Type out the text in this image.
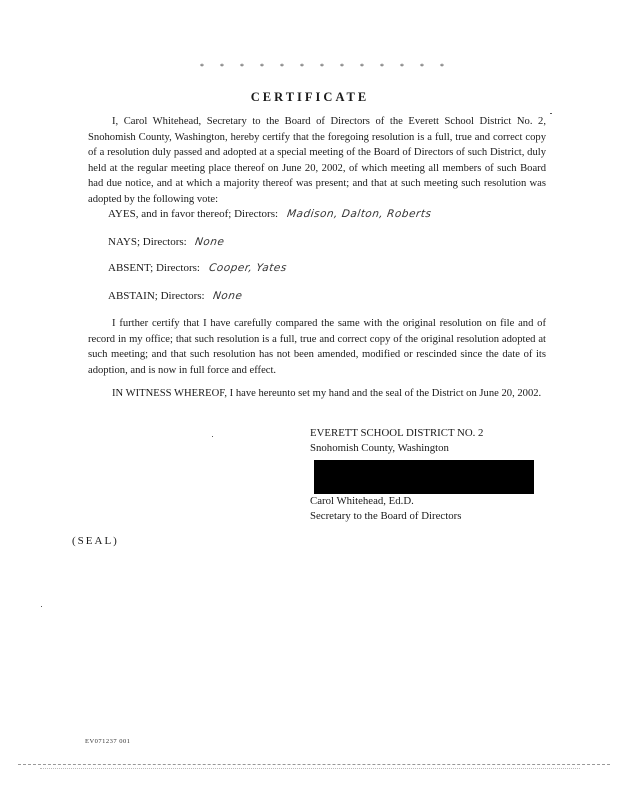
* * * * * * * * * * * * *
CERTIFICATE
I, Carol Whitehead, Secretary to the Board of Directors of the Everett School District No. 2, Snohomish County, Washington, hereby certify that the foregoing resolution is a full, true and correct copy of a resolution duly passed and adopted at a special meeting of the Board of Directors of such District, duly held at the regular meeting place thereof on June 20, 2002, of which meeting all members of such Board had due notice, and at which a majority thereof was present; and that at such meeting such resolution was adopted by the following vote:
AYES, and in favor thereof; Directors: Madison, Dalton, Roberts
NAYS; Directors: None
ABSENT; Directors: Cooper, Yates
ABSTAIN; Directors: None
I further certify that I have carefully compared the same with the original resolution on file and of record in my office; that such resolution is a full, true and correct copy of the original resolution adopted at such meeting; and that such resolution has not been amended, modified or rescinded since the date of its adoption, and is now in full force and effect.
IN WITNESS WHEREOF, I have hereunto set my hand and the seal of the District on June 20, 2002.
EVERETT SCHOOL DISTRICT NO. 2
Snohomish County, Washington
Carol Whitehead, Ed.D.
Secretary to the Board of Directors
(SEAL)
EV071237 001
